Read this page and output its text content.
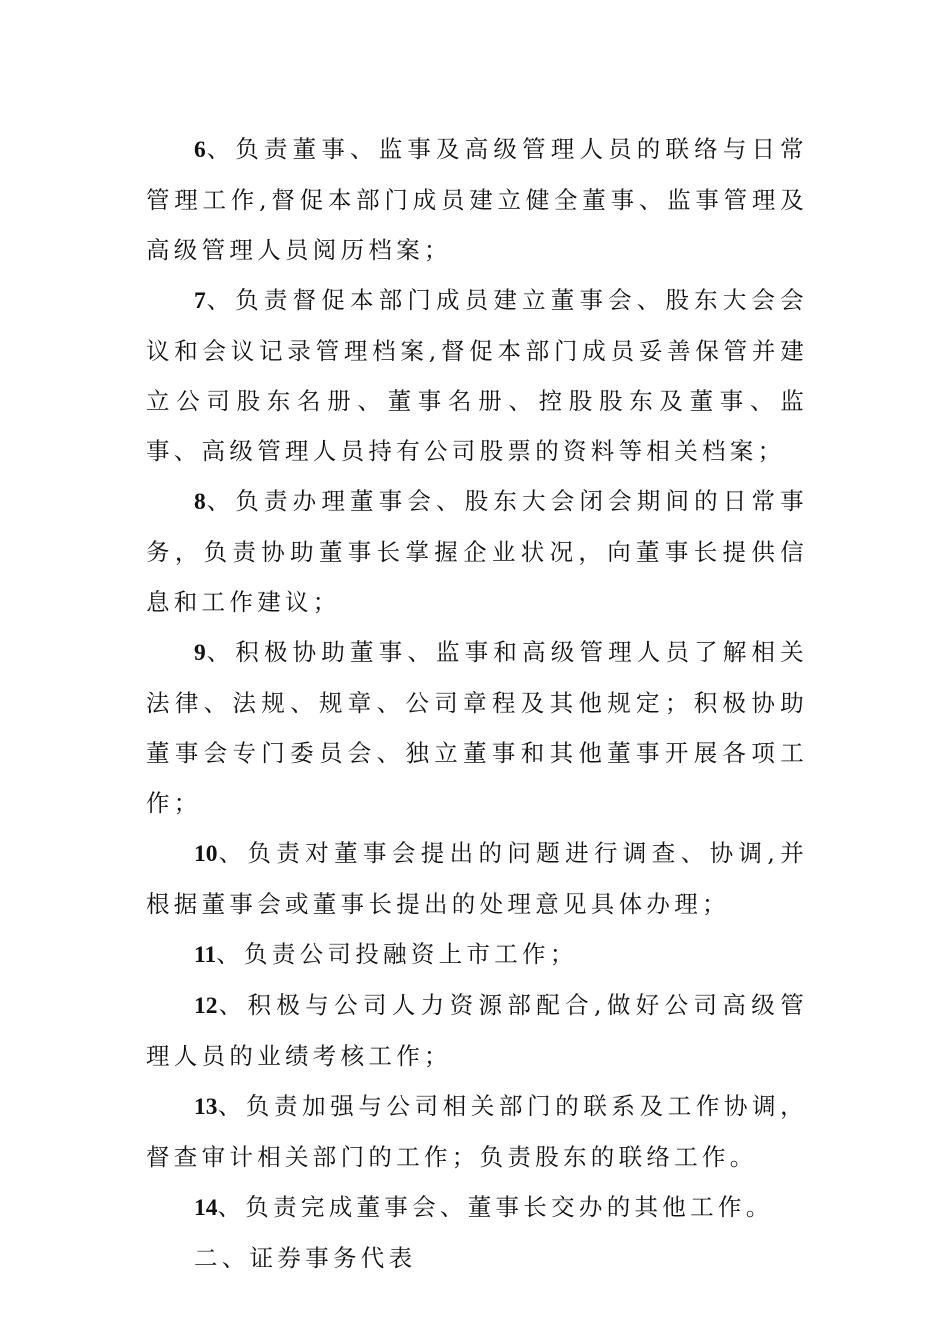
6、负责董事、监事及高级管理人员的联络与日常管理工作,督促本部门成员建立健全董事、监事管理及高级管理人员阅历档案；

7、负责督促本部门成员建立董事会、股东大会会议和会议记录管理档案,督促本部门成员妥善保管并建立公司股东名册、董事名册、控股股东及董事、监事、高级管理人员持有公司股票的资料等相关档案；

8、负责办理董事会、股东大会闭会期间的日常事务，负责协助董事长掌握企业状况，向董事长提供信息和工作建议；

9、积极协助董事、监事和高级管理人员了解相关法律、法规、规章、公司章程及其他规定；积极协助董事会专门委员会、独立董事和其他董事开展各项工作；

10、负责对董事会提出的问题进行调查、协调,并根据董事会或董事长提出的处理意见具体办理；

11、负责公司投融资上市工作；

12、积极与公司人力资源部配合,做好公司高级管理人员的业绩考核工作；

13、负责加强与公司相关部门的联系及工作协调，督查审计相关部门的工作；负责股东的联络工作。

14、负责完成董事会、董事长交办的其他工作。

二、证券事务代表
